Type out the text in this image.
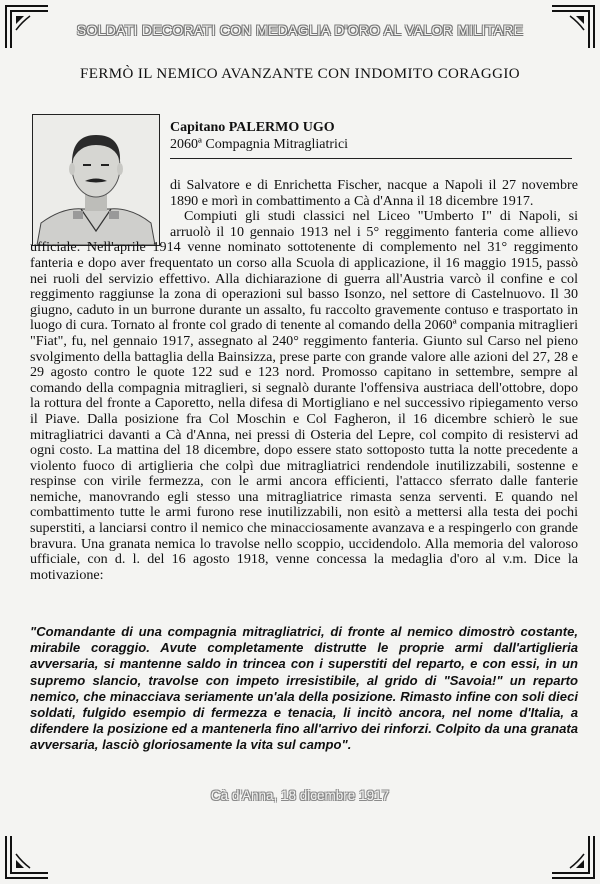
SOLDATI DECORATI CON MEDAGLIA D'ORO AL VALOR MILITARE
FERMÒ IL NEMICO AVANZANTE CON INDOMITO CORAGGIO
Capitano PALERMO UGO
2060ª Compagnia Mitragliatrici

di Salvatore e di Enrichetta Fischer, nacque a Napoli il 27 novembre 1890 e morì in combattimento a Cà d'Anna il 18 dicembre 1917.

Compiuti gli studi classici nel Liceo "Umberto I" di Napoli, si arruolò il 10 gennaio 1913 nel i 5° reggimento fanteria come allievo ufficiale. Nell'aprile 1914 venne nominato sottotenente di complemento nel 31° reggimento fanteria e dopo aver frequentato un corso alla Scuola di applicazione, il 16 maggio 1915, passò nei ruoli del servizio effettivo. Alla dichiarazione di guerra all'Austria varcò il confine e col reggimento raggiunse la zona di operazioni sul basso Isonzo, nel settore di Castelnuovo. Il 30 giugno, caduto in un burrone durante un assalto, fu raccolto gravemente contuso e trasportato in luogo di cura. Tornato al fronte col grado di tenente al comando della 2060ª compania mitraglieri "Fiat", fu, nel gennaio 1917, assegnato al 240° reggimento fanteria. Giunto sul Carso nel pieno svolgimento della battaglia della Bainsizza, prese parte con grande valore alle azioni del 27, 28 e 29 agosto contro le quote 122 sud e 123 nord. Promosso capitano in settembre, sempre al comando della compagnia mitraglieri, si segnalò durante l'offensiva austriaca dell'ottobre, dopo la rottura del fronte a Caporetto, nella difesa di Mortigliano e nel successivo ripiegamento verso il Piave. Dalla posizione fra Col Moschin e Col Fagheron, il 16 dicembre schierò le sue mitragliatrici davanti a Cà d'Anna, nei pressi di Osteria del Lepre, col compito di resistervi ad ogni costo. La mattina del 18 dicembre, dopo essere stato sottoposto tutta la notte precedente a violento fuoco di artiglieria che colpì due mitragliatrici rendendole inutilizzabili, sostenne e respinse con virile fermezza, con le armi ancora efficienti, l'attacco sferrato dalle fanterie nemiche, manovrando egli stesso una mitragliatrice rimasta senza serventi. E quando nel combattimento tutte le armi furono rese inutilizzabili, non esitò a mettersi alla testa dei pochi superstiti, a lanciarsi contro il nemico che minacciosamente avanzava e a respingerlo con grande bravura. Una granata nemica lo travolse nello scoppio, uccidendolo. Alla memoria del valoroso ufficiale, con d. l. del 16 agosto 1918, venne concessa la medaglia d'oro al v.m. Dice la motivazione:

"Comandante di una compagnia mitragliatrici, di fronte al nemico dimostrò costante, mirabile coraggio. Avute completamente distrutte le proprie armi dall'artiglieria avversaria, si mantenne saldo in trincea con i superstiti del reparto, e con essi, in un supremo slancio, travolse con impeto irresistibile, al grido di "Savoia!" un reparto nemico, che minacciava seriamente un'ala della posizione. Rimasto infine con soli dieci soldati, fulgido esempio di fermezza e tenacia, li incitò ancora, nel nome d'Italia, a difendere la posizione ed a mantenerla fino all'arrivo dei rinforzi. Colpito da una granata avversaria, lasciò gloriosamente la vita sul campo".
Cà d'Anna, 18 dicembre 1917
